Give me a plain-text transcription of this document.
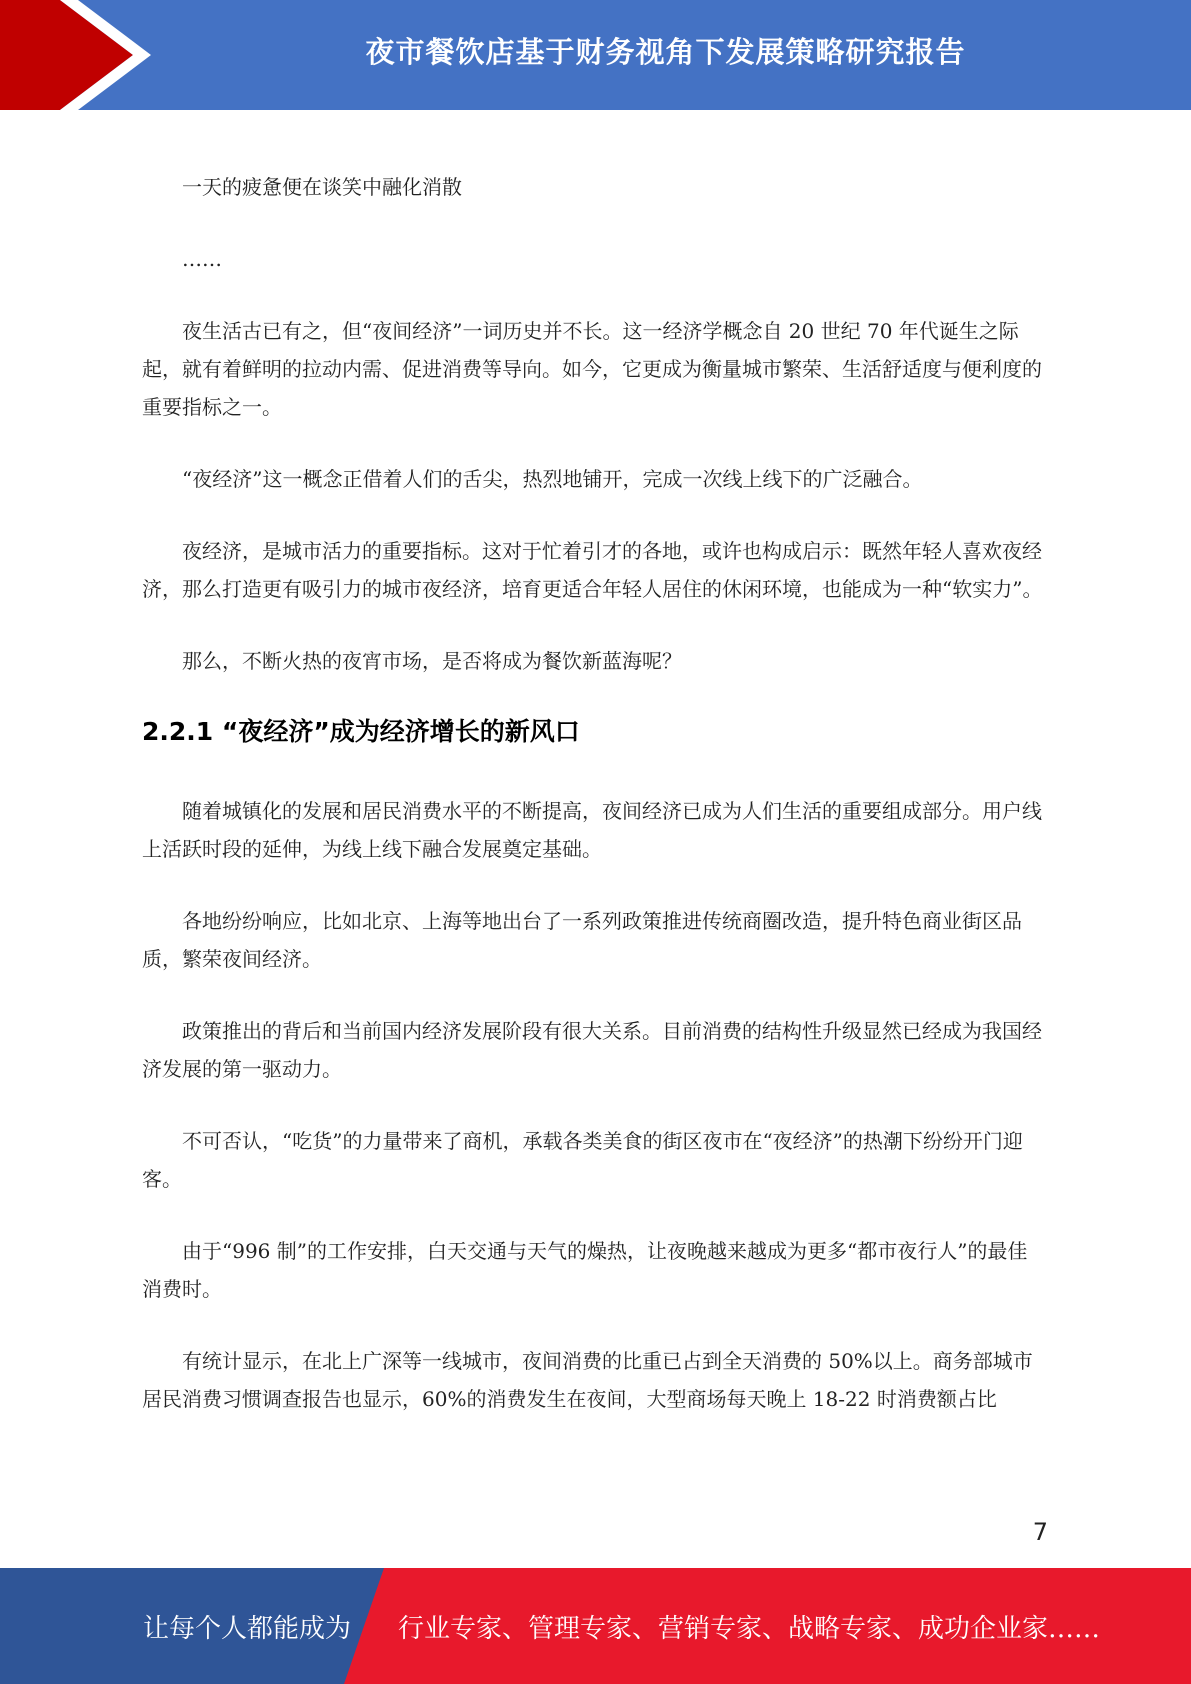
夜市餐饮店基于财务视角下发展策略研究报告

一天的疲惫便在谈笑中融化消散

……

夜生活古已有之，但“夜间经济”一词历史并不长。这一经济学概念自 20 世纪 70 年代诞生之际起，就有着鲜明的拉动内需、促进消费等导向。如今，它更成为衡量城市繁荣、生活舒适度与便利度的重要指标之一。

“夜经济”这一概念正借着人们的舌尖，热烈地铺开，完成一次线上线下的广泛融合。

夜经济，是城市活力的重要指标。这对于忙着引才的各地，或许也构成启示：既然年轻人喜欢夜经济，那么打造更有吸引力的城市夜经济，培育更适合年轻人居住的休闲环境，也能成为一种“软实力”。

那么，不断火热的夜宵市场，是否将成为餐饮新蓝海呢？

2.2.1 “夜经济”成为经济增长的新风口

随着城镇化的发展和居民消费水平的不断提高，夜间经济已成为人们生活的重要组成部分。用户线上活跃时段的延伸，为线上线下融合发展奠定基础。

各地纷纷响应，比如北京、上海等地出台了一系列政策推进传统商圈改造，提升特色商业街区品质，繁荣夜间经济。

政策推出的背后和当前国内经济发展阶段有很大关系。目前消费的结构性升级显然已经成为我国经济发展的第一驱动力。

不可否认，“吃货”的力量带来了商机，承载各类美食的街区夜市在“夜经济”的热潮下纷纷开门迎客。

由于“996 制”的工作安排，白天交通与天气的燥热，让夜晚越来越成为更多“都市夜行人”的最佳消费时。

有统计显示，在北上广深等一线城市，夜间消费的比重已占到全天消费的 50%以上。商务部城市居民消费习惯调查报告也显示，60%的消费发生在夜间，大型商场每天晚上 18-22 时消费额占比

7
让每个人都能成为 行业专家、管理专家、营销专家、战略专家、成功企业家……
